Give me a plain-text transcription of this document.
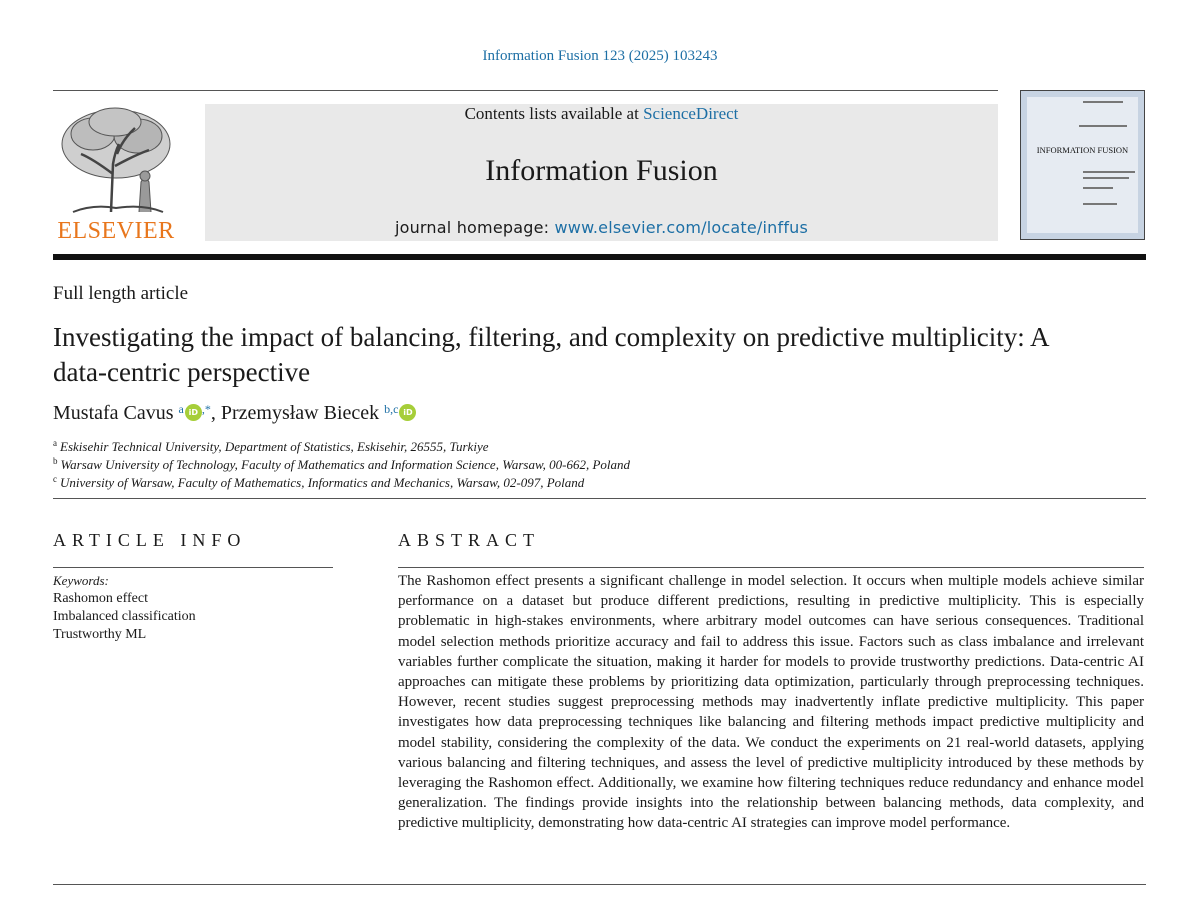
Information Fusion 123 (2025) 103243
ELSEVIER
Contents lists available at ScienceDirect
Information Fusion
journal homepage: www.elsevier.com/locate/inffus
INFORMATION FUSION
Full length article
Investigating the impact of balancing, filtering, and complexity on predictive multiplicity: A data-centric perspective
Mustafa Cavus $^a$ iD ,*, Przemysław Biecek $^{b,c}$ iD
$^a$ Eskisehir Technical University, Department of Statistics, Eskisehir, 26555, Turkiye
$^b$ Warsaw University of Technology, Faculty of Mathematics and Information Science, Warsaw, 00-662, Poland
$^c$ University of Warsaw, Faculty of Mathematics, Informatics and Mechanics, Warsaw, 02-097, Poland
ARTICLE INFO
Keywords:
Rashomon effect
Imbalanced classification
Trustworthy ML
ABSTRACT
The Rashomon effect presents a significant challenge in model selection. It occurs when multiple models achieve similar performance on a dataset but produce different predictions, resulting in predictive multiplicity. This is especially problematic in high-stakes environments, where arbitrary model outcomes can have serious consequences. Traditional model selection methods prioritize accuracy and fail to address this issue. Factors such as class imbalance and irrelevant variables further complicate the situation, making it harder for models to provide trustworthy predictions. Data-centric AI approaches can mitigate these problems by prioritizing data optimization, particularly through preprocessing techniques. However, recent studies suggest preprocessing methods may inadvertently inflate predictive multiplicity. This paper investigates how data preprocessing techniques like balancing and filtering methods impact predictive multiplicity and model stability, considering the complexity of the data. We conduct the experiments on 21 real-world datasets, applying various balancing and filtering techniques, and assess the level of predictive multiplicity introduced by these methods by leveraging the Rashomon effect. Additionally, we examine how filtering techniques reduce redundancy and enhance model generalization. The findings provide insights into the relationship between balancing methods, data complexity, and predictive multiplicity, demonstrating how data-centric AI strategies can improve model performance.
